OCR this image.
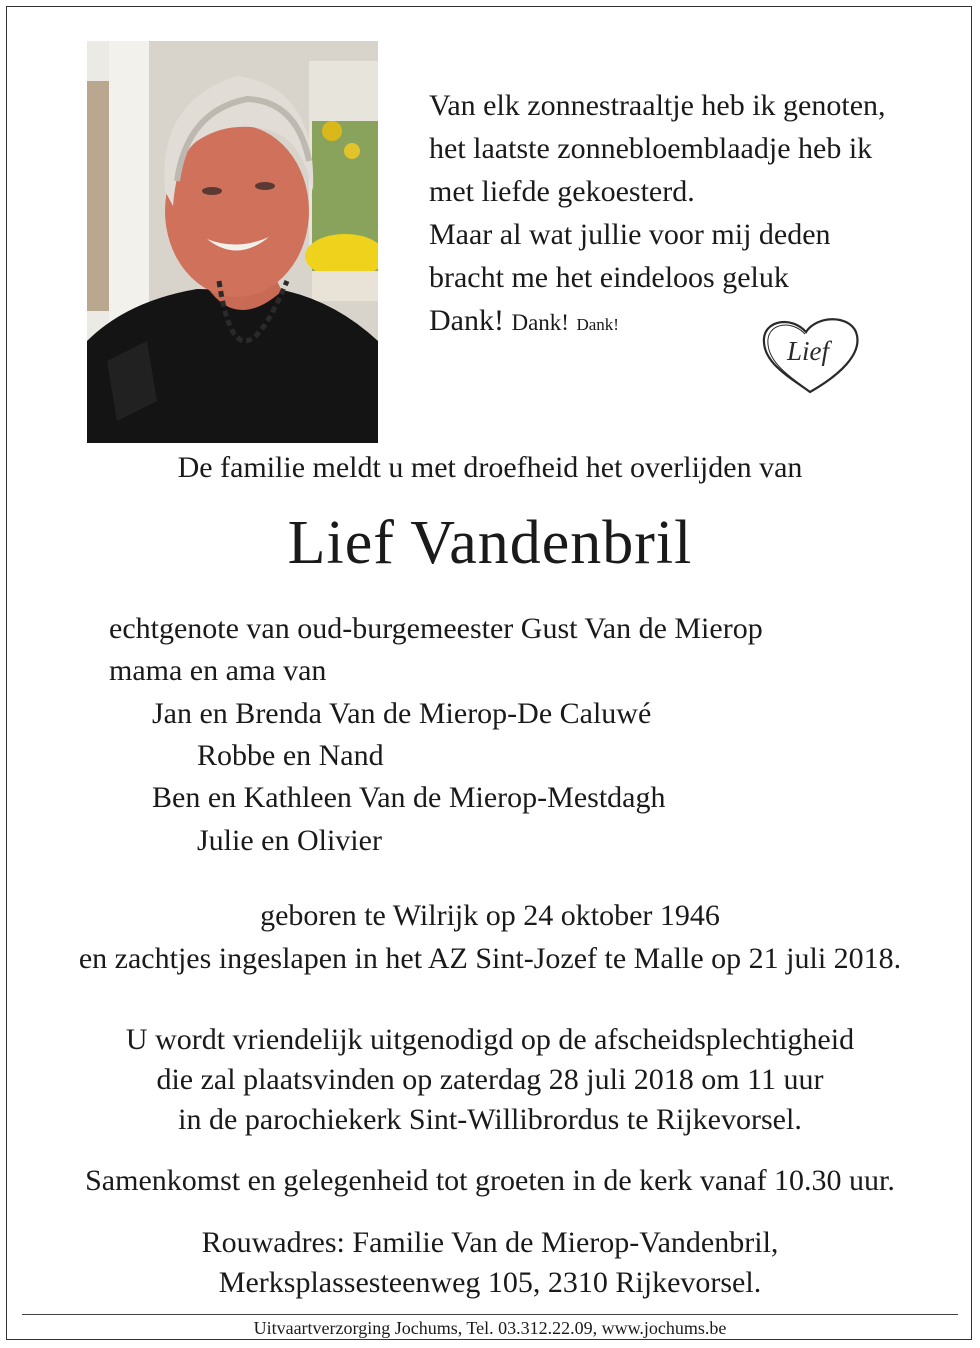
Van elk zonnestraaltje heb ik genoten,
het laatste zonnebloemblaadje heb ik
met liefde gekoesterd.
Maar al wat jullie voor mij deden
bracht me het eindeloos geluk
Dank! Dank! Dank!
Lief
De familie meldt u met droefheid het overlijden van
Lief Vandenbril
echtgenote van oud-burgemeester Gust Van de Mierop
mama en ama van
Jan en Brenda Van de Mierop-De Caluwé
Robbe en Nand
Ben en Kathleen Van de Mierop-Mestdagh
Julie en Olivier
geboren te Wilrijk op 24 oktober 1946
en zachtjes ingeslapen in het AZ Sint-Jozef te Malle op 21 juli 2018.
U wordt vriendelijk uitgenodigd op de afscheidsplechtigheid
die zal plaatsvinden op zaterdag 28 juli 2018 om 11 uur
in de parochiekerk Sint-Willibrordus te Rijkevorsel.
Samenkomst en gelegenheid tot groeten in de kerk vanaf 10.30 uur.
Rouwadres: Familie Van de Mierop-Vandenbril,
Merksplassesteenweg 105, 2310 Rijkevorsel.
Uitvaartverzorging Jochums, Tel. 03.312.22.09, www.jochums.be
